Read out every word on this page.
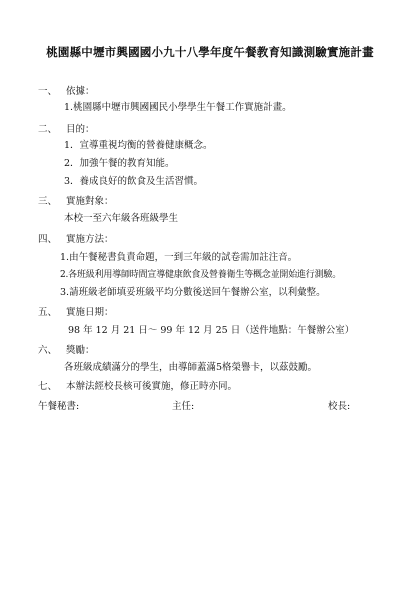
桃園縣中壢市興國國小九十八學年度午餐教育知識測驗實施計畫
一、 依據：
1.桃園縣中壢市興國國民小學學生午餐工作實施計畫。
二、 目的：
1．宣導重視均衡的營養健康概念。
2．加強午餐的教育知能。
3．養成良好的飲食及生活習慣。
三、 實施對象：
本校一至六年級各班級學生
四、 實施方法：
1.由午餐秘書負責命題，一到三年級的試卷需加註注音。
2.各班級利用導師時間宣導健康飲食及營養衛生等概念並開始進行測驗。
3.請班級老師填妥班級平均分數後送回午餐辦公室，以利彙整。
五、 實施日期：
98 年 12 月 21 日～ 99 年 12 月 25 日（送件地點：午餐辦公室）
六、 獎勵：
各班級成績滿分的學生，由導師蓋滿5格榮譽卡，以茲鼓勵。
七、 本辦法經校長核可後實施，修正時亦同。
午餐秘書:	主任:	校長:
